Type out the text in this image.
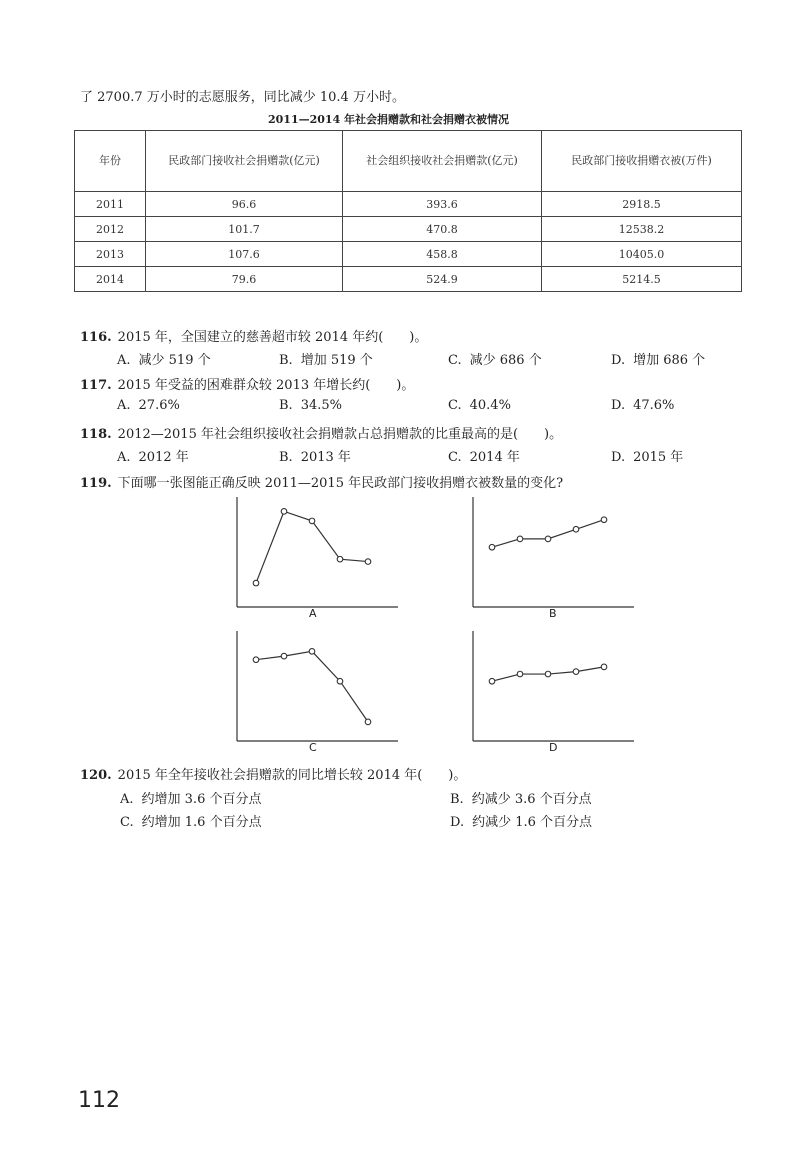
了 2700.7 万小时的志愿服务，同比减少 10.4 万小时。
2011—2014 年社会捐赠款和社会捐赠衣被情况
年份	民政部门接收社会捐赠款(亿元)	社会组织接收社会捐赠款(亿元)	民政部门接收捐赠衣被(万件)
2011	96.6	393.6	2918.5
2012	101.7	470.8	12538.2
2013	107.6	458.8	10405.0
2014	79.6	524.9	5214.5
116. 2015 年，全国建立的慈善超市较 2014 年约(　　)。
A. 减少 519 个	B. 增加 519 个	C. 减少 686 个	D. 增加 686 个
117. 2015 年受益的困难群众较 2013 年增长约(　　)。
A. 27.6%	B. 34.5%	C. 40.4%	D. 47.6%
118. 2012—2015 年社会组织接收社会捐赠款占总捐赠款的比重最高的是(　　)。
A. 2012 年	B. 2013 年	C. 2014 年	D. 2015 年
119. 下面哪一张图能正确反映 2011—2015 年民政部门接收捐赠衣被数量的变化?
A	B
C	D
120. 2015 年全年接收社会捐赠款的同比增长较 2014 年(　　)。
A. 约增加 3.6 个百分点	B. 约减少 3.6 个百分点
C. 约增加 1.6 个百分点	D. 约减少 1.6 个百分点
112
